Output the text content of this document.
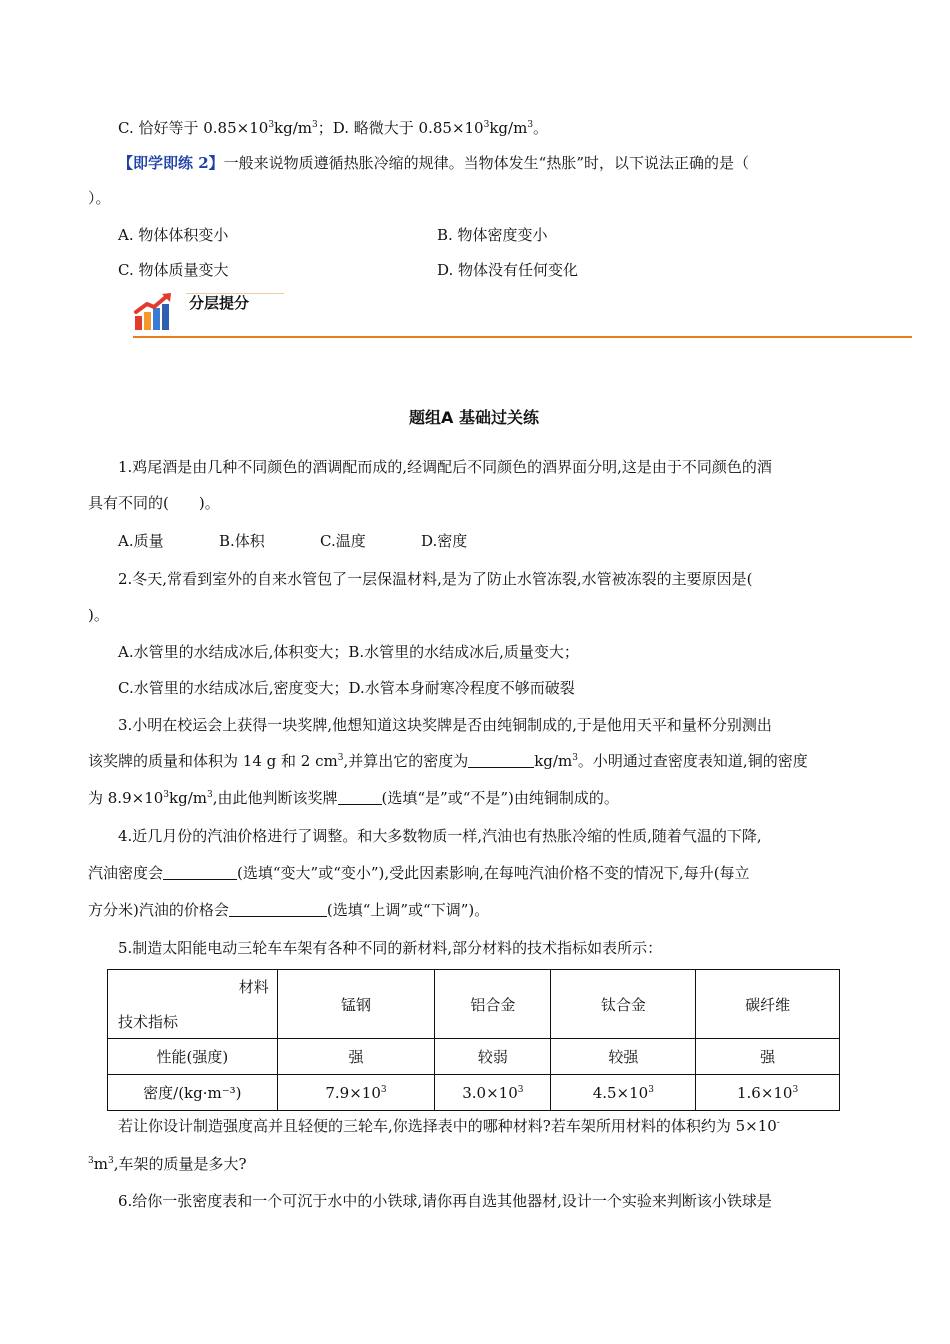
C. 恰好等于 $0.85\times 10^3kg/m^3$；D. 略微大于 $0.85\times 10^3kg/m^3$。
【即学即练 2】一般来说物质遵循热胀冷缩的规律。当物体发生“热胀”时，以下说法正确的是（
）。
A. 物体体积变小	B. 物体密度变小
C. 物体质量变大	D. 物体没有任何变化
分层提分
题组A 基础过关练
1.鸡尾酒是由几种不同颜色的酒调配而成的,经调配后不同颜色的酒界面分明,这是由于不同颜色的酒
具有不同的(　　)。
A.质量	B.体积	C.温度	D.密度
2.冬天,常看到室外的自来水管包了一层保温材料,是为了防止水管冻裂,水管被冻裂的主要原因是(
)。
A.水管里的水结成冰后,体积变大；B.水管里的水结成冰后,质量变大；
C.水管里的水结成冰后,密度变大；D.水管本身耐寒冷程度不够而破裂
3.小明在校运会上获得一块奖牌,他想知道这块奖牌是否由纯铜制成的,于是他用天平和量杯分别测出
该奖牌的质量和体积为 14 g 和 2 $cm^3$,并算出它的密度为	$kg/m^3$。小明通过查密度表知道,铜的密度
为 $8.9\times 10^3kg/m^3$,由此他判断该奖牌	(选填“是”或“不是”)由纯铜制成的。
4.近几月份的汽油价格进行了调整。和大多数物质一样,汽油也有热胀冷缩的性质,随着气温的下降,
汽油密度会	(选填“变大”或“变小”),受此因素影响,在每吨汽油价格不变的情况下,每升(每立
方分米)汽油的价格会	(选填“上调”或“下调”)。
5.制造太阳能电动三轮车车架有各种不同的新材料,部分材料的技术指标如表所示：
材料
技术指标	锰钢	铝合金	钛合金	碳纤维
性能(强度)	强	较弱	较强	强
密度/(kg·m⁻³)	$7.9\times 10^3$	$3.0\times 10^3$	$4.5\times 10^3$	$1.6\times 10^3$
若让你设计制造强度高并且轻便的三轮车,你选择表中的哪种材料?若车架所用材料的体积约为 5×10-
$^3m^3$,车架的质量是多大?
6.给你一张密度表和一个可沉于水中的小铁球,请你再自选其他器材,设计一个实验来判断该小铁球是
